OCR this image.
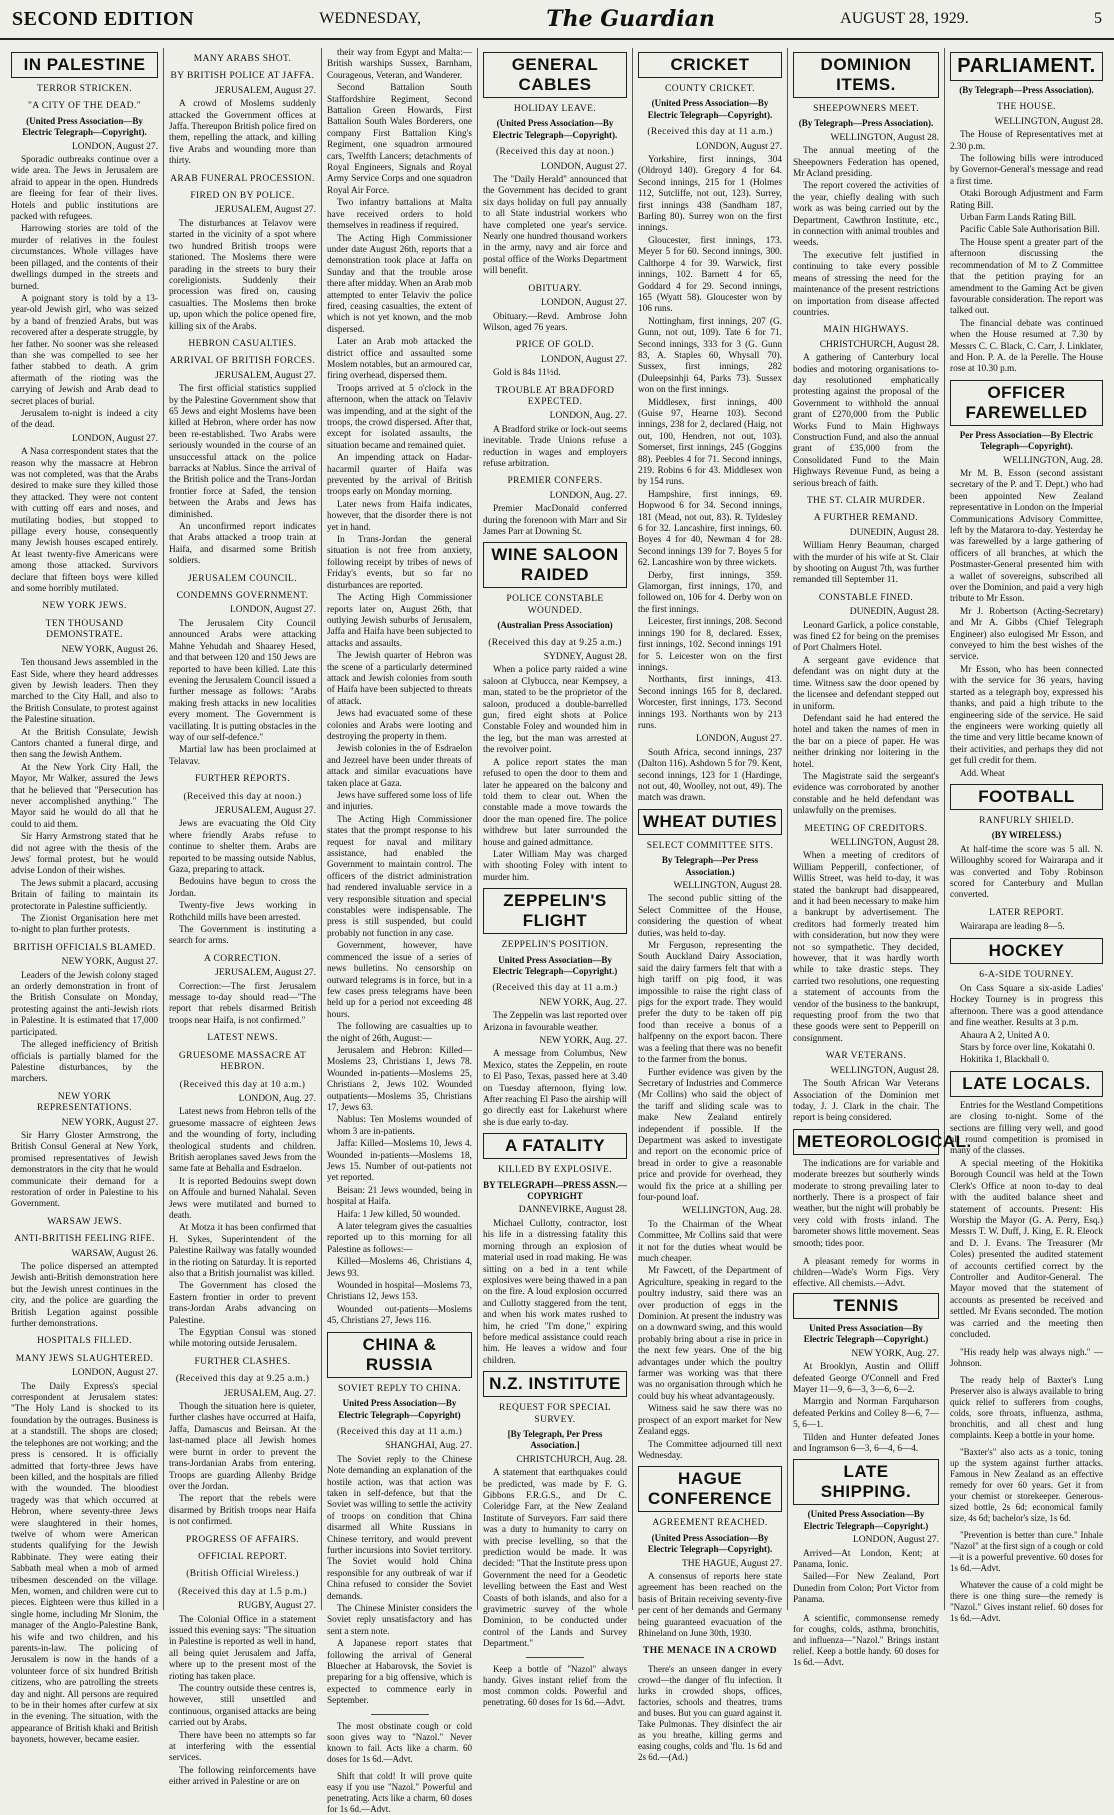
SECOND EDITION	WEDNESDAY,	The Guardian	AUGUST 28, 1929.	5
IN PALESTINE
TERROR STRICKEN.
"A CITY OF THE DEAD."
(United Press Association—By Electric Telegraph—Copyright).
LONDON, August 27.

Sporadic outbreaks continue over a wide area. The Jews in Jerusalem are afraid to appear in the open. Hundreds are fleeing for fear of their lives. Hotels and public institutions are packed with refugees.

Harrowing stories are told of the murder of relatives in the foulest circumstances. Whole villages have been pillaged, and the contents of their dwellings dumped in the streets and burned.

A poignant story is told by a 13-year-old Jewish girl, who was seized by a band of frenzied Arabs, but was recovered after a desperate struggle, by her father. No sooner was she released than she was compelled to see her father stabbed to death. A grim aftermath of the rioting was the carrying of Jewish and Arab dead to secret places of burial.

Jerusalem to-night is indeed a city of the dead.

LONDON, August 27.

A Nasa correspondent states that the reason why the massacre at Hebron was not completed, was that the Arabs desired to make sure they killed those they attacked. They were not content with cutting off ears and noses, and mutilating bodies, but stopped to pillage every house, consequently many Jewish houses escaped entirely. At least twenty-five Americans were among those attacked. Survivors declare that fifteen boys were killed and some horribly mutilated.

NEW YORK JEWS.
TEN THOUSAND DEMONSTRATE.
NEW YORK, August 26.

Ten thousand Jews assembled in the East Side, where they heard addresses given by Jewish leaders. Then they marched to the City Hall, and also to the British Consulate, to protest against the Palestine situation.

At the British Consulate, Jewish Cantors chanted a funeral dirge, and then sang the Jewish Anthem.

At the New York City Hall, the Mayor, Mr Walker, assured the Jews that he believed that "Persecution has never accomplished anything." The Mayor said he would do all that he could to aid them.

Sir Harry Armstrong stated that he did not agree with the thesis of the Jews' formal protest, but he would advise London of their wishes.

The Jews submit a placard, accusing Britain of failing to maintain its protectorate in Palestine sufficiently.

The Zionist Organisation here met to-night to plan further protests.

BRITISH OFFICIALS BLAMED.
NEW YORK, August 27.

Leaders of the Jewish colony staged an orderly demonstration in front of the British Consulate on Monday, protesting against the anti-Jewish riots in Palestine. It is estimated that 17,000 participated.

The alleged inefficiency of British officials is partially blamed for the Palestine disturbances, by the marchers.

NEW YORK REPRESENTATIONS.
NEW YORK, August 27.

Sir Harry Gloster Armstrong, the British Consul General at New York, promised representatives of Jewish demonstrators in the city that he would communicate their demand for a restoration of order in Palestine to his Government.

WARSAW JEWS.
ANTI-BRITISH FEELING RIFE.
WARSAW, August 26.

The police dispersed an attempted Jewish anti-British demonstration here but the Jewish unrest continues in the city, and the police are guarding the British Legation against possible further demonstrations.

HOSPITALS FILLED.
MANY JEWS SLAUGHTERED.
LONDON, August 27.

The Daily Express's special correspondent at Jerusalem states: "The Holy Land is shocked to its foundation by the outrages. Business is at a standstill. The shops are closed; the telephones are not working; and the press is censored. It is officially admitted that forty-three Jews have been killed, and the hospitals are filled with the wounded. The bloodiest tragedy was that which occurred at Hebron, where seventy-three Jews were slaughtered in their homes, twelve of whom were American students qualifying for the Jewish Rabbinate. They were eating their Sabbath meal when a mob of armed tribesmen descended on the village. Men, women, and children were cut to pieces. Eighteen were thus killed in a single home, including Mr Slonim, the manager of the Anglo-Palestine Bank, his wife and two children, and his parents-in-law. The policing of Jerusalem is now in the hands of a volunteer force of six hundred British citizens, who are patrolling the streets day and night. All persons are required to be in their homes after curfew at six in the evening. The situation, with the appearance of British khaki and British bayonets, however, became easier.

MANY ARABS SHOT.
BY BRITISH POLICE AT JAFFA.
JERUSALEM, August 27.

A crowd of Moslems suddenly attacked the Government offices at Jaffa. Thereupon British police fired on them, repelling the attack, and killing five Arabs and wounding more than thirty.

ARAB FUNERAL PROCESSION.
FIRED ON BY POLICE.
JERUSALEM, August 27.

The disturbances at Telavov were started in the vicinity of a spot where two hundred British troops were stationed. The Moslems there were parading in the streets to bury their coreligionists. Suddenly their procession was fired on, causing casualties. The Moslems then broke up, upon which the police opened fire, killing six of the Arabs.

HEBRON CASUALTIES.
ARRIVAL OF BRITISH FORCES.
JERUSALEM, August 27.

The first official statistics supplied by the Palestine Government show that 65 Jews and eight Moslems have been killed at Hebron, where order has now been re-established. Two Arabs were seriously wounded in the course of an unsuccessful attack on the police barracks at Nablus. Since the arrival of the British police and the Trans-Jordan frontier force at Safed, the tension between the Arabs and Jews has diminished.

An unconfirmed report indicates that Arabs attacked a troop train at Haifa, and disarmed some British soldiers.

JERUSALEM COUNCIL.
CONDEMNS GOVERNMENT.
LONDON, August 27.

The Jerusalem City Council announced Arabs were attacking Mahne Yehudah and Shaarey Hesed, and that between 120 and 150 Jews are reported to have been killed. Late this evening the Jerusalem Council issued a further message as follows: "Arabs making fresh attacks in new localities every moment. The Government is vacillating. It is putting obstacles in the way of our self-defence."

Martial law has been proclaimed at Telavav.

FURTHER REPORTS.
(Received this day at noon.)
JERUSALEM, August 27.

Jews are evacuating the Old City where friendly Arabs refuse to continue to shelter them. Arabs are reported to be massing outside Nablus, Gaza, preparing to attack.

Bedouins have begun to cross the Jordan.

Twenty-five Jews working in Rothchild mills have been arrested.

The Government is instituting a search for arms.

A CORRECTION.
JERUSALEM, August 27.

Correction:—The first Jerusalem message to-day should read—"The report that rebels disarmed British troops near Haifa, is not confirmed."

LATEST NEWS.
GRUESOME MASSACRE AT HEBRON.
(Received this day at 10 a.m.)
LONDON, Aug. 27.

Latest news from Hebron tells of the gruesome massacre of eighteen Jews and the wounding of forty, including theological students and children. British aeroplanes saved Jews from the same fate at Behalla and Esdraelon.

It is reported Bedouins swept down on Affoule and burned Nahalal. Seven Jews were mutilated and burned to death.

At Motza it has been confirmed that H. Sykes, Superintendent of the Palestine Railway was fatally wounded in the rioting on Saturday. It is reported also that a British journalist was killed.

The Government has closed the Eastern frontier in order to prevent trans-Jordan Arabs advancing on Palestine.

The Egyptian Consul was stoned while motoring outside Jerusalem.

FURTHER CLASHES.
(Received this day at 9.25 a.m.)
JERUSALEM, Aug. 27.

Though the situation here is quieter, further clashes have occurred at Haifa, Jaffa, Damascus and Beirsan. At the last-named place all Jewish homes were burnt in order to prevent the trans-Jordanian Arabs from entering. Troops are guarding Allenby Bridge over the Jordan.

The report that the rebels were disarmed by British troops near Haifa is not confirmed.

PROGRESS OF AFFAIRS.
OFFICIAL REPORT.
(British Official Wireless.)
(Received this day at 1.5 p.m.)
RUGBY, August 27.

The Colonial Office in a statement issued this evening says: "The situation in Palestine is reported as well in hand, all being quiet Jerusalem and Jaffa, where up to the present most of the rioting has taken place.

The country outside these centres is, however, still unsettled and continuous, organised attacks are being carried out by Arabs.

There have been no attempts so far at interfering with the essential services.

The following reinforcements have either arrived in Palestine or are on

their way from Egypt and Malta:— British warships Sussex, Barnham, Courageous, Veteran, and Wanderer.

Second Battalion South Staffordshire Regiment, Second Battalion Green Howards, First Battalion South Wales Borderers, one company First Battalion King's Regiment, one squadron armoured cars, Twelfth Lancers; detachments of Royal Engineers, Signals and Royal Army Service Corps and one squadron Royal Air Force.

Two infantry battalions at Malta have received orders to hold themselves in readiness if required.

The Acting High Commissioner under date August 26th, reports that a demonstration took place at Jaffa on Sunday and that the trouble arose there after midday. When an Arab mob attempted to enter Telaviv the police fired, ceasing casualties, the extent of which is not yet known, and the mob dispersed.

Later an Arab mob attacked the district office and assaulted some Moslem notables, but an armoured car, firing overhead, dispersed them.

Troops arrived at 5 o'clock in the afternoon, when the attack on Telaviv was impending, and at the sight of the troops, the crowd dispersed. After that, except for isolated assaults, the situation became and remained quiet.

An impending attack on Hadar-hacarmil quarter of Haifa was prevented by the arrival of British troops early on Monday morning.

Later news from Haifa indicates, however, that the disorder there is not yet in hand.

In Trans-Jordan the general situation is not free from anxiety, following receipt by tribes of news of Friday's events, but so far no disturbances are reported.

The Acting High Commissioner reports later on, August 26th, that outlying Jewish suburbs of Jerusalem, Jaffa and Haifa have been subjected to attacks and assaults.

The Jewish quarter of Hebron was the scene of a particularly determined attack and Jewish colonies from south of Haifa have been subjected to threats of attack.

Jews had evacuated some of these colonies and Arabs were looting and destroying the property in them.

Jewish colonies in the of Esdraelon and Jezreel have been under threats of attack and similar evacuations have taken place at Gaza.

Jews have suffered some loss of life and injuries.

The Acting High Commissioner states that the prompt response to his request for naval and military assistance, had enabled the Government to maintain control. The officers of the district administration had rendered invaluable service in a very responsible situation and special constables were indispensable. The press is still suspended, but could probably not function in any case.

Government, however, have commenced the issue of a series of news bulletins. No censorship on outward telegrams is in force, but in a few cases press telegrams have been held up for a period not exceeding 48 hours.

The following are casualties up to the night of 26th, August:—

Jerusalem and Hebron: Killed—Moslems 23, Christians 1, Jews 78. Wounded in-patients—Moslems 25, Christians 2, Jews 102. Wounded outpatients—Moslems 35, Christians 17, Jews 63.

Nablus: Ten Moslems wounded of whom 3 are in-patients.

Jaffa: Killed—Moslems 10, Jews 4. Wounded in-patients—Moslems 18, Jews 15. Number of out-patients not yet reported.

Beisan: 21 Jews wounded, being in hospital at Haifa.

Haifa: 1 Jew killed, 50 wounded.

A later telegram gives the casualties reported up to this morning for all Palestine as follows:—

Killed—Moslems 46, Christians 4, Jews 93.

Wounded in hospital—Moslems 73, Christians 12, Jews 153.

Wounded out-patients—Moslems 45, Christians 27, Jews 116.

CHINA & RUSSIA
SOVIET REPLY TO CHINA.
United Press Association—By Electric Telegraph—Copyright)
(Received this day at 11 a.m.)
SHANGHAI, Aug. 27.

The Soviet reply to the Chinese Note demanding an explanation of the hostile action, was that action was taken in self-defence, but that the Soviet was willing to settle the activity of troops on condition that China disarmed all White Russians in Chinese territory, and would prevent further incursions into Soviet territory. The Soviet would hold China responsible for any outbreak of war if China refused to consider the Soviet demands.

The Chinese Minister considers the Soviet reply unsatisfactory and has sent a stern note.

A Japanese report states that following the arrival of General Bluecher at Habarovsk, the Soviet is preparing for a big offensive, which is expected to commence early in September.

The most obstinate cough or cold soon gives way to "Nazol." Never known to fail. Acts like a charm. 60 doses for 1s 6d.—Advt.

Shift that cold! It will prove quite easy if you use "Nazol." Powerful and penetrating. Acts like a charm, 60 doses for 1s 6d.—Advt.

GENERAL CABLES
HOLIDAY LEAVE.
(United Press Association—By Electric Telegraph—Copyright).
(Received this day at noon.)
LONDON, August 27.

The "Daily Herald" announced that the Government has decided to grant six days holiday on full pay annually to all State industrial workers who have completed one year's service. Nearly one hundred thousand workers in the army, navy and air force and postal office of the Works Department will benefit.

OBITUARY.
LONDON, August 27.

Obituary.—Revd. Ambrose John Wilson, aged 76 years.

PRICE OF GOLD.
LONDON, August 27.

Gold is 84s 11½d.

TROUBLE AT BRADFORD EXPECTED.
LONDON, Aug. 27.

A Bradford strike or lock-out seems inevitable. Trade Unions refuse a reduction in wages and employers refuse arbitration.

PREMIER CONFERS.
LONDON, Aug. 27.

Premier MacDonald conferred during the forenoon with Marr and Sir James Parr at Downing St.

WINE SALOON RAIDED
POLICE CONSTABLE WOUNDED.
(Australian Press Association)
(Received this day at 9.25 a.m.)
SYDNEY, August 28.

When a police party raided a wine saloon at Clybucca, near Kempsey, a man, stated to be the proprietor of the saloon, produced a double-barrelled gun, fired eight shots at Police Constable Foley and wounded him in the leg, but the man was arrested at the revolver point.

A police report states the man refused to open the door to them and later he appeared on the balcony and told them to clear out. When the constable made a move towards the door the man opened fire. The police withdrew but later surrounded the house and gained admittance.

Later William May was charged with shooting Foley with intent to murder him.

ZEPPELIN'S FLIGHT
ZEPPELIN'S POSITION.
United Press Association—By Electric Telegraph—Copyright.)
(Received this day at 11 a.m.)
NEW YORK, Aug. 27.

The Zeppelin was last reported over Arizona in favourable weather.

NEW YORK, Aug. 27.

A message from Columbus, New Mexico, states the Zeppelin, en route to El Paso, Texas, passed here at 3.40 on Tuesday afternoon, flying low. After reaching El Paso the airship will go directly east for Lakehurst where she is due early to-day.

A FATALITY
KILLED BY EXPLOSIVE.
BY TELEGRAPH—PRESS ASSN.—COPYRIGHT
DANNEVIRKE, August 28.

Michael Cullotty, contractor, lost his life in a distressing fatality this morning through an explosion of material used in road making. He was sitting on a bed in a tent while explosives were being thawed in a pan on the fire. A loud explosion occurred and Cullotty staggered from the tent, and when his work mates rushed to him, he cried "I'm done," expiring before medical assistance could reach him. He leaves a widow and four children.

N.Z. INSTITUTE
REQUEST FOR SPECIAL SURVEY.
[By Telegraph, Per Press Association.]
CHRISTCHURCH, Aug. 28.

A statement that earthquakes could be predicted, was made by F. G. Gibbons F.R.G.S., and Dr C. Coleridge Farr, at the New Zealand Institute of Surveyors. Farr said there was a duty to humanity to carry on with precise levelling, so that the prediction would be made. It was decided: "That the Institute press upon Government the need for a Geodetic levelling between the East and West Coasts of both islands, and also for a gravimetric survey of the whole Dominion, to be conducted under control of the Lands and Survey Department."

Keep a bottle of "Nazol" always handy. Gives instant relief from the most common colds. Powerful and penetrating. 60 doses for 1s 6d.—Advt.

CRICKET
COUNTY CRICKET.
(United Press Association—By Electric Telegraph—Copyright).
(Received this day at 11 a.m.)
LONDON, August 27.

Yorkshire, first innings, 304 (Oldroyd 140). Gregory 4 for 64. Second innings, 215 for 1 (Holmes 112, Sutcliffe, not out, 123). Surrey, first innings 438 (Sandham 187, Barling 80). Surrey won on the first innings.

Gloucester, first innings, 173. Meyer 5 for 60. Second innings, 300. Calthorpe 4 for 39. Warwick, first innings, 102. Barnett 4 for 65, Goddard 4 for 29. Second innings, 165 (Wyatt 58). Gloucester won by 106 runs.

Nottingham, first innings, 207 (G. Gunn, not out, 109). Tate 6 for 71. Second innings, 333 for 3 (G. Gunn 83, A. Staples 60, Whysall 70). Sussex, first innings, 282 (Duleepsinhji 64, Parks 73). Sussex won on the first innings.

Middlesex, first innings, 400 (Guise 97, Hearne 103). Second innings, 238 for 2, declared (Haig, not out, 100, Hendren, not out, 103). Somerset, first innings, 245 (Goggins 88). Peebles 4 for 71. Second innings, 219. Robins 6 for 43. Middlesex won by 154 runs.

Hampshire, first innings, 69. Hopwood 6 for 34. Second innings, 181 (Mead, not out, 83). R. Tyldesley 6 for 32. Lancashire, first innings, 60. Boyes 4 for 40, Newman 4 for 28. Second innings 139 for 7. Boyes 5 for 62. Lancashire won by three wickets.

Derby, first innings, 359. Glamorgan, first innings, 170, and followed on, 106 for 4. Derby won on the first innings.

Leicester, first innings, 208. Second innings 190 for 8, declared. Essex, first innings, 102. Second innings 191 for 5. Leicester won on the first innings.

Northants, first innings, 413. Second innings 165 for 8, declared. Worcester, first innings, 173. Second innings 193. Northants won by 213 runs.

LONDON, August 27.

South Africa, second innings, 237 (Dalton 116). Ashdown 5 for 79. Kent, second innings, 123 for 1 (Hardinge, not out, 40, Woolley, not out, 49). The match was drawn.

WHEAT DUTIES
SELECT COMMITTEE SITS.
By Telegraph—Per Press Association.)
WELLINGTON, August 28.

The second public sitting of the Select Committee of the House, considering the question of wheat duties, was held to-day.

Mr Ferguson, representing the South Auckland Dairy Association, said the dairy farmers felt that with a high tariff on pig food, it was impossible to raise the right class of pigs for the export trade. They would prefer the duty to be taken off pig food than receive a bonus of a halfpenny on the export bacon. There was a feeling that there was no benefit to the farmer from the bonus.

Further evidence was given by the Secretary of Industries and Commerce (Mr Collins) who said the object of the tariff and sliding scale was to make New Zealand entirely independent if possible. If the Department was asked to investigate and report on the economic price of bread in order to give a reasonable price and provide for overhead, they would fix the price at a shilling per four-pound loaf.

WELLINGTON, Aug. 28.

To the Chairman of the Wheat Committee, Mr Collins said that were it not for the duties wheat would be much cheaper.

Mr Fawcett, of the Department of Agriculture, speaking in regard to the poultry industry, said there was an over production of eggs in the Dominion. At present the industry was on a downward swing, and this would probably bring about a rise in price in the next few years. One of the big advantages under which the poultry farmer was working was that there was no organisation through which he could buy his wheat advantageously.

Witness said he saw there was no prospect of an export market for New Zealand eggs.

The Committee adjourned till next Wednesday.

HAGUE CONFERENCE
AGREEMENT REACHED.
(United Press Association—By Electric Telegraph—Copyright).
THE HAGUE, August 27.

A consensus of reports here state agreement has been reached on the basis of Britain receiving seventy-five per cent of her demands and Germany being guaranteed evacuation of the Rhineland on June 30th, 1930.

THE MENACE IN A CROWD

There's an unseen danger in every crowd—the danger of flu infection. It lurks in crowded shops, offices, factories, schools and theatres, trams and buses. But you can guard against it. Take Pulmonas. They disinfect the air as you breathe, killing germs and easing coughs, colds and 'flu. 1s 6d and 2s 6d.—(Ad.)

DOMINION ITEMS.
SHEEPOWNERS MEET.
(By Telegraph—Press Association).
WELLINGTON, August 28.

The annual meeting of the Sheepowners Federation has opened, Mr Acland presiding.

The report covered the activities of the year, chiefly dealing with such work as was being carried out by the Department, Cawthron Institute, etc., in connection with animal troubles and weeds.

The executive felt justified in continuing to take every possible means of stressing the need for the maintenance of the present restrictions on importation from disease affected countries.

MAIN HIGHWAYS.
CHRISTCHURCH, August 28.

A gathering of Canterbury local bodies and motoring organisations to-day resolutioned emphatically protesting against the proposal of the Government to withhold the annual grant of £270,000 from the Public Works Fund to Main Highways Construction Fund, and also the annual grant of £35,000 from the Consolidated Fund to the Main Highways Revenue Fund, as being a serious breach of faith.

THE ST. CLAIR MURDER.
A FURTHER REMAND.
DUNEDIN, August 28.

William Henry Beauman, charged with the murder of his wife at St. Clair by shooting on August 7th, was further remanded till September 11.

CONSTABLE FINED.
DUNEDIN, August 28.

Leonard Garlick, a police constable, was fined £2 for being on the premises of Port Chalmers Hotel.

A sergeant gave evidence that defendant was on night duty at the time. Witness saw the door opened by the licensee and defendant stepped out in uniform.

Defendant said he had entered the hotel and taken the names of men in the bar on a piece of paper. He was neither drinking nor loitering in the hotel.

The Magistrate said the sergeant's evidence was corroborated by another constable and he held defendant was unlawfully on the premises.

MEETING OF CREDITORS.
WELLINGTON, August 28.

When a meeting of creditors of William Pepperill, confectioner, of Willis Street, was held to-day, it was stated the bankrupt had disappeared, and it had been necessary to make him a bankrupt by advertisement. The creditors had formerly treated him with consideration, but now they were not so sympathetic. They decided, however, that it was hardly worth while to take drastic steps. They carried two resolutions, one requesting a statement of accounts from the vendor of the business to the bankrupt, requesting proof from the two that these goods were sent to Pepperill on consignment.

WAR VETERANS.
WELLINGTON, August 28.

The South African War Veterans Association of the Dominion met today, J. J. Clark in the chair. The report is being considered.

METEOROLOGICAL.

The indications are for variable and moderate breezes but southerly winds moderate to strong prevailing later to northerly. There is a prospect of fair weather, but the night will probably be very cold with frosts inland. The barometer shows little movement. Seas smooth; tides poor.

A pleasant remedy for worms in children—Wade's Worm Figs. Very effective. All chemists.—Advt.

TENNIS
United Press Association—By Electric Telegraph—Copyright.)
NEW YORK, Aug. 27.

At Brooklyn, Austin and Olliff defeated George O'Connell and Fred Mayer 11—9, 6—3, 3—6, 6—2.

Marrgin and Norman Farquharson defeated Perkins and Colley 8—6, 7—5, 6—1.

Tilden and Hunter defeated Jones and Ingramson 6—3, 6—4, 6—4.

LATE SHIPPING.
(United Press Association—By Electric Telegraph—Copyright.)
LONDON, August 27.

Arrived—At London, Kent; at Panama, Ionic.

Sailed—For New Zealand, Port Dunedin from Colon; Port Victor from Panama.

A scientific, commonsense remedy for coughs, colds, asthma, bronchitis, and influenza—"Nazol." Brings instant relief. Keep a bottle handy. 60 doses for 1s 6d.—Advt.

PARLIAMENT.
(By Telegraph—Press Association).
THE HOUSE.
WELLINGTON, August 28.

The House of Representatives met at 2.30 p.m.

The following bills were introduced by Governor-General's message and read a first time.

Otaki Borough Adjustment and Farm Rating Bill.

Urban Farm Lands Rating Bill.

Pacific Cable Sale Authorisation Bill.

The House spent a greater part of the afternoon discussing the recommendation of M to Z Committee that the petition praying for an amendment to the Gaming Act be given favourable consideration. The report was talked out.

The financial debate was continued when the House resumed at 7.30 by Messrs C. C. Black, C. Carr, J. Linklater, and Hon. P. A. de la Perelle. The House rose at 10.30 p.m.

OFFICER FAREWELLED
Per Press Association—By Electric Telegraph—Copyright).
WELLINGTON, Aug. 28.

Mr M. B. Esson (second assistant secretary of the P. and T. Dept.) who had been appointed New Zealand representative in London on the Imperial Communications Advisory Committee, left by the Matarora to-day. Yesterday he was farewelled by a large gathering of officers of all branches, at which the Postmaster-General presented him with a wallet of sovereigns, subscribed all over the Dominion, and paid a very high tribute to Mr Esson.

Mr J. Robertson (Acting-Secretary) and Mr A. Gibbs (Chief Telegraph Engineer) also eulogised Mr Esson, and conveyed to him the best wishes of the service.

Mr Esson, who has been connected with the service for 36 years, having started as a telegraph boy, expressed his thanks, and paid a high tribute to the engineering side of the service. He said the engineers were working quietly all the time and very little became known of their activities, and perhaps they did not get full credit for them.

Add. Wheat

FOOTBALL
RANFURLY SHIELD.
(BY WIRELESS.)

At half-time the score was 5 all. N. Willoughby scored for Wairarapa and it was converted and Toby Robinson scored for Canterbury and Mullan converted.

LATER REPORT.

Wairarapa are leading 8—5.

HOCKEY
6-A-SIDE TOURNEY.

On Cass Square a six-aside Ladies' Hockey Tourney is in progress this afternoon. There was a good attendance and fine weather. Results at 3 p.m.

Ahaura A 2, United A 0.

Stars by force over line, Kokatahi 0.

Hokitika 1, Blackball 0.

LATE LOCALS.

Entries for the Westland Competitions are closing to-night. Some of the sections are filling very well, and good all round competition is promised in many of the classes.

A special meeting of the Hokitika Borough Council was held at the Town Clerk's Office at noon to-day to deal with the audited balance sheet and statement of accounts. Present: His Worship the Mayor (G. A. Perry, Esq.) Messrs T. W. Duff, J. King, E. R. Eleock and D. J. Evans. The Treasurer (Mr Coles) presented the audited statement of accounts certified correct by the Controller and Auditor-General. The Mayor moved that the statement of accounts as presented be received and settled. Mr Evans seconded. The motion was carried and the meeting then concluded.

"His ready help was always nigh." —Johnson.

The ready help of Baxter's Lung Preserver also is always available to bring quick relief to sufferers from coughs, colds, sore throats, influenza, asthma, bronchitis, and all chest and lung complaints. Keep a bottle in your home.

"Baxter's" also acts as a tonic, toning up the system against further attacks. Famous in New Zealand as an effective remedy for over 60 years. Get it from your chemist or storekeeper. Generous-sized bottle, 2s 6d; economical family size, 4s 6d; bachelor's size, 1s 6d.

"Prevention is better than cure." Inhale "Nazol" at the first sign of a cough or cold—it is a powerful preventive. 60 doses for 1s 6d.—Advt.

Whatever the cause of a cold might be there is one thing sure—the remedy is "Nazol." Gives instant relief. 60 doses for 1s 6d.—Advt.
